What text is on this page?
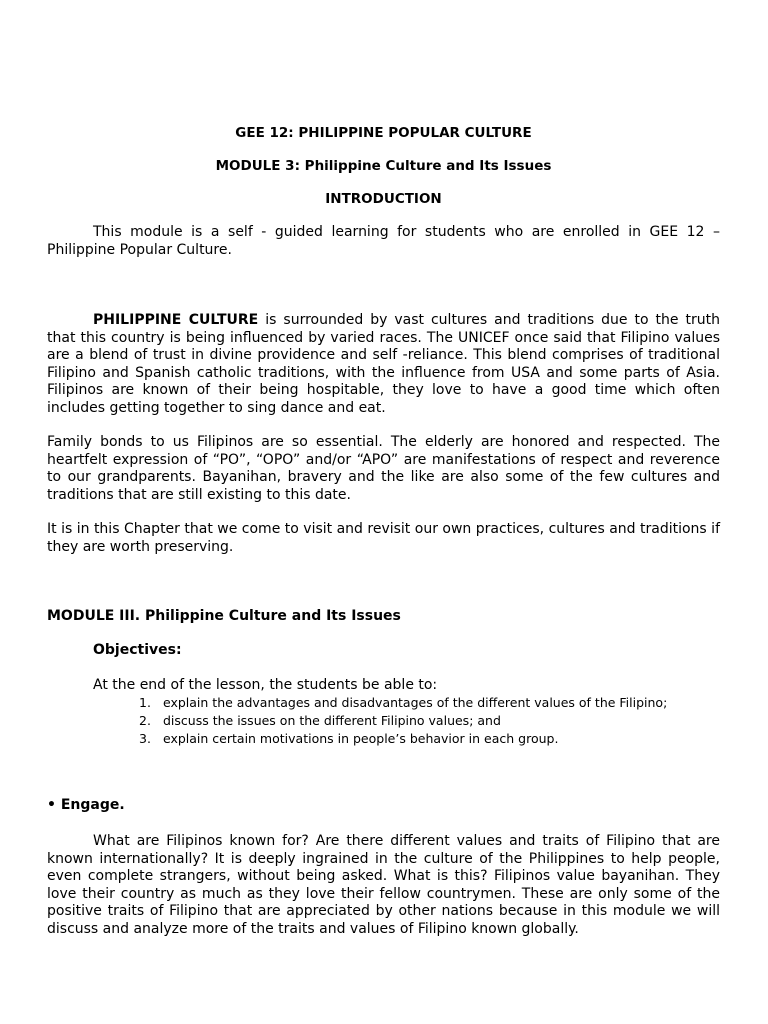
GEE 12: PHILIPPINE POPULAR CULTURE

MODULE 3: Philippine Culture and Its Issues

INTRODUCTION

This module is a self - guided learning for students who are enrolled in GEE 12 – Philippine Popular Culture.

PHILIPPINE CULTURE is surrounded by vast cultures and traditions due to the truth that this country is being influenced by varied races. The UNICEF once said that Filipino values are a blend of trust in divine providence and self -reliance. This blend comprises of traditional Filipino and Spanish catholic traditions, with the influence from USA and some parts of Asia. Filipinos are known of their being hospitable, they love to have a good time which often includes getting together to sing dance and eat.

Family bonds to us Filipinos are so essential. The elderly are honored and respected. The heartfelt expression of “PO”, “OPO” and/or “APO” are manifestations of respect and reverence to our grandparents. Bayanihan, bravery and the like are also some of the few cultures and traditions that are still existing to this date.

It is in this Chapter that we come to visit and revisit our own practices, cultures and traditions if they are worth preserving.

MODULE III. Philippine Culture and Its Issues

Objectives:

At the end of the lesson, the students be able to:

1. explain the advantages and disadvantages of the different values of the Filipino;
2. discuss the issues on the different Filipino values; and
3. explain certain motivations in people’s behavior in each group.

• Engage.

What are Filipinos known for? Are there different values and traits of Filipino that are known internationally? It is deeply ingrained in the culture of the Philippines to help people, even complete strangers, without being asked. What is this? Filipinos value bayanihan. They love their country as much as they love their fellow countrymen. These are only some of the positive traits of Filipino that are appreciated by other nations because in this module we will discuss and analyze more of the traits and values of Filipino known globally.
